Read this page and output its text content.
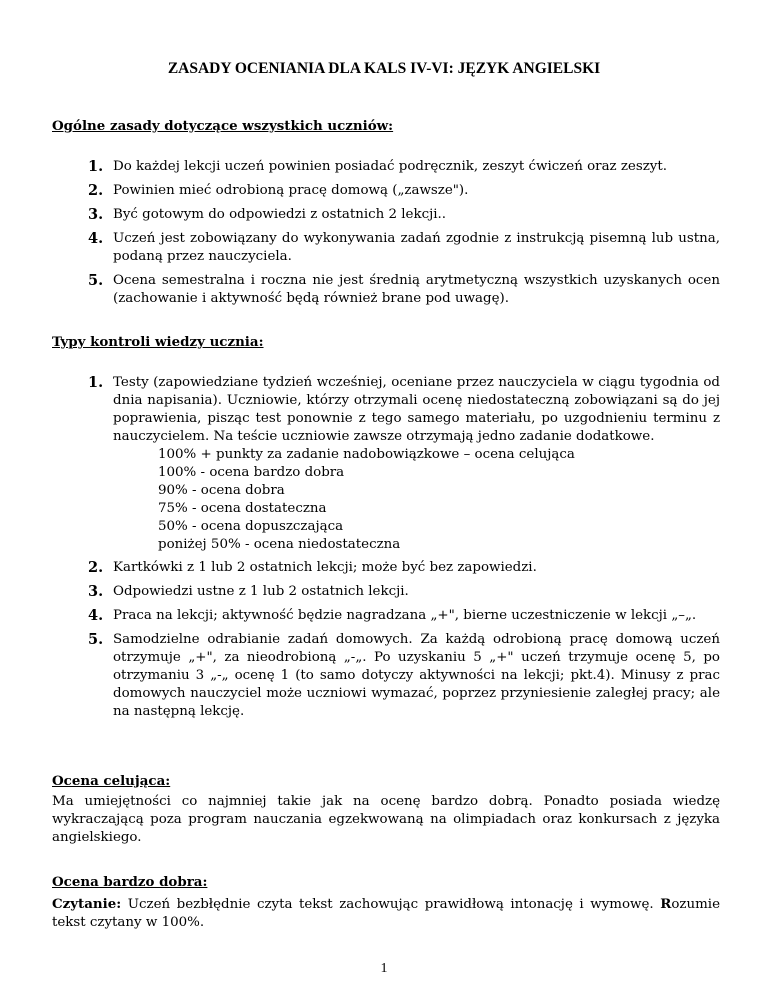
ZASADY OCENIANIA DLA KALS IV-VI: JĘZYK ANGIELSKI
Ogólne zasady dotyczące wszystkich uczniów:
1. Do każdej lekcji uczeń powinien posiadać podręcznik, zeszyt ćwiczeń oraz zeszyt.
2. Powinien mieć odrobioną pracę domową („zawsze").
3. Być gotowym do odpowiedzi z ostatnich 2 lekcji..
4. Uczeń jest zobowiązany do wykonywania zadań zgodnie z instrukcją pisemną lub ustna, podaną przez nauczyciela.
5. Ocena semestralna i roczna nie jest średnią arytmetyczną wszystkich uzyskanych ocen (zachowanie i aktywność będą również brane pod uwagę).
Typy kontroli wiedzy ucznia:
1. Testy (zapowiedziane tydzień wcześniej, oceniane przez nauczyciela w ciągu tygodnia od dnia napisania). Uczniowie, którzy otrzymali ocenę niedostateczną zobowiązani są do jej poprawienia, pisząc test ponownie z tego samego materiału, po uzgodnieniu terminu z nauczycielem. Na teście uczniowie zawsze otrzymają jedno zadanie dodatkowe.
100% + punkty za zadanie nadobowiązkowe – ocena celująca
100% - ocena bardzo dobra
90% - ocena dobra
75% - ocena dostateczna
50% - ocena dopuszczająca
poniżej 50% - ocena niedostateczna
2. Kartkówki z 1 lub 2 ostatnich lekcji; może być bez zapowiedzi.
3. Odpowiedzi ustne z 1 lub 2 ostatnich lekcji.
4. Praca na lekcji; aktywność będzie nagradzana „+", bierne uczestniczenie w lekcji „–„.
5. Samodzielne odrabianie zadań domowych. Za każdą odrobioną pracę domową uczeń otrzymuje „+", za nieodrobioną „-„. Po uzyskaniu 5 „+" uczeń trzymuje ocenę 5, po otrzymaniu 3 „-„ ocenę 1 (to samo dotyczy aktywności na lekcji; pkt.4). Minusy z prac domowych nauczyciel może uczniowi wymazać, poprzez przyniesienie zaległej pracy; ale na następną lekcję.
Ocena celująca:

Ma umiejętności co najmniej takie jak na ocenę bardzo dobrą. Ponadto posiada wiedzę wykraczającą poza program nauczania egzekwowaną na olimpiadach oraz konkursach z języka angielskiego.

Ocena bardzo dobra:

Czytanie: Uczeń bezbłędnie czyta tekst zachowując prawidłową intonację i wymowę. Rozumie tekst czytany w 100%.

1
